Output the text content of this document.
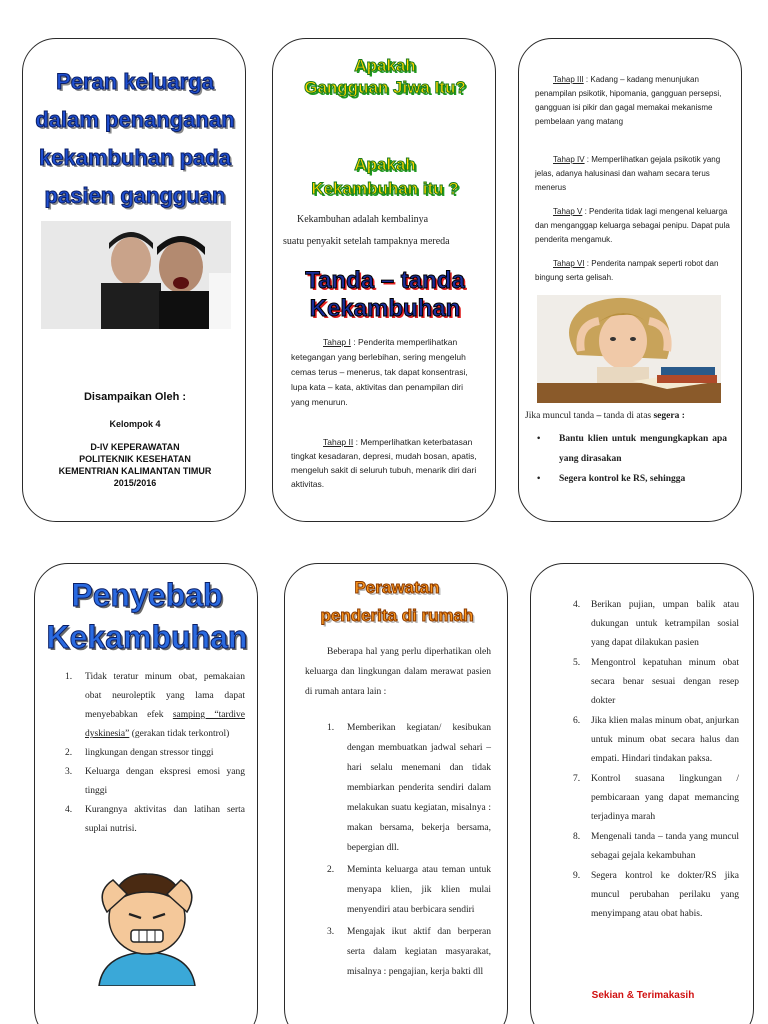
Peran keluarga
dalam penanganan
kekambuhan pada
pasien gangguan
Disampaikan Oleh :
Kelompok 4
D-IV KEPERAWATAN
POLITEKNIK KESEHATAN
KEMENTRIAN KALIMANTAN TIMUR
2015/2016
Apakah
Gangguan Jiwa Itu?
Apakah
Kekambuhan itu ?
Kekambuhan adalah kembalinya
suatu penyakit setelah tampaknya mereda
Tanda – tanda
Kekambuhan
Tahap I : Penderita memperlihatkan ketegangan yang berlebihan, sering mengeluh cemas terus – menerus, tak dapat konsentrasi, lupa kata – kata, aktivitas dan penampilan diri yang menurun.
Tahap II : Memperlihatkan keterbatasan tingkat kesadaran, depresi, mudah bosan, apatis, mengeluh sakit di seluruh tubuh, menarik diri dari aktivitas.
Tahap III : Kadang – kadang menunjukan penampilan psikotik, hipomania, gangguan persepsi, gangguan isi pikir dan gagal memakai mekanisme pembelaan yang matang
Tahap IV : Memperlihatkan gejala psikotik yang jelas, adanya halusinasi dan waham secara terus menerus
Tahap V : Penderita tidak lagi mengenal keluarga dan menganggap keluarga sebagai penipu. Dapat pula penderita mengamuk.
Tahap VI : Penderita nampak seperti robot dan bingung serta gelisah.
Jika muncul tanda – tanda di atas segera :
• Bantu klien untuk mengungkapkan apa yang dirasakan
• Segera kontrol ke RS, sehingga
Penyebab
Kekambuhan
1. Tidak teratur minum obat, pemakaian obat neuroleptik yang lama dapat menyebabkan efek samping “tardive dyskinesia” (gerakan tidak terkontrol)
2. lingkungan dengan stressor tinggi
3. Keluarga dengan ekspresi emosi yang tinggi
4. Kurangnya aktivitas dan latihan serta suplai nutrisi.
Perawatan
penderita di rumah
Beberapa hal yang perlu diperhatikan oleh keluarga dan lingkungan dalam merawat pasien di rumah antara lain :
1. Memberikan kegiatan/ kesibukan dengan membuatkan jadwal sehari – hari selalu menemani dan tidak membiarkan penderita sendiri dalam melakukan suatu kegiatan, misalnya : makan bersama, bekerja bersama, bepergian dll.
2. Meminta keluarga atau teman untuk menyapa klien, jik klien mulai menyendiri atau berbicara sendiri
3. Mengajak ikut aktif dan berperan serta dalam kegiatan masyarakat, misalnya : pengajian, kerja bakti dll
4. Berikan pujian, umpan balik atau dukungan untuk ketrampilan sosial yang dapat dilakukan pasien
5. Mengontrol kepatuhan minum obat secara benar sesuai dengan resep dokter
6. Jika klien malas minum obat, anjurkan untuk minum obat secara halus dan empati. Hindari tindakan paksa.
7. Kontrol suasana lingkungan / pembicaraan yang dapat memancing terjadinya marah
8. Mengenali tanda – tanda yang muncul sebagai gejala kekambuhan
9. Segera kontrol ke dokter/RS jika muncul perubahan perilaku yang menyimpang atau obat habis.
Sekian & Terimakasih
